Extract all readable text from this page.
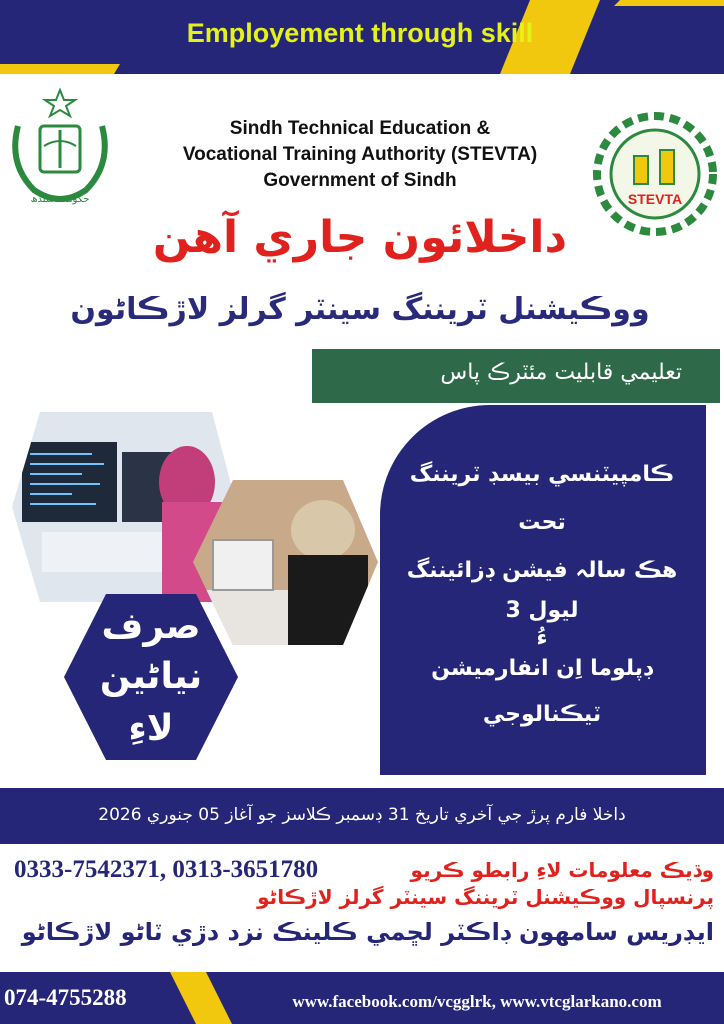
Employement through skill
حکومت سندھ	STEVTA
Sindh Technical Education &
Vocational Training Authority (STEVTA)
Government of Sindh
داخلائون جاري آهن
ووڪيشنل ٽريننگ سينٽر گرلز لاڙڪاڻون
تعليمي قابليت مئٽرڪ پاس
ڪامپيٽنسي بيسڊ ٽريننگ
تحت
هڪ سالہ فيشن ڊزائيننگ
ليول 3
ءُ
ڊپلوما اِن انفارميشن
ٽيڪنالوجي
صرف
نياڻين
لاءِ
داخلا فارم پرڙ جي آخري تاريخ 31 ڊسمبر ڪلاسز جو آغاز 05 جنوري 2026
0333-7542371, 0313-3651780	وڌيڪ معلومات لاءِ رابطو ڪريو
پرنسپال ووڪيشنل ٽريننگ سينٽر گرلز لاڙڪاڻو
ايڊريس سامهون ڊاڪٽر لڇمي ڪلينڪ نزد دڙي ٽاڻو لاڙڪاڻو
074-4755288	www.facebook.com/vcgglrk, www.vtcglarkano.com
